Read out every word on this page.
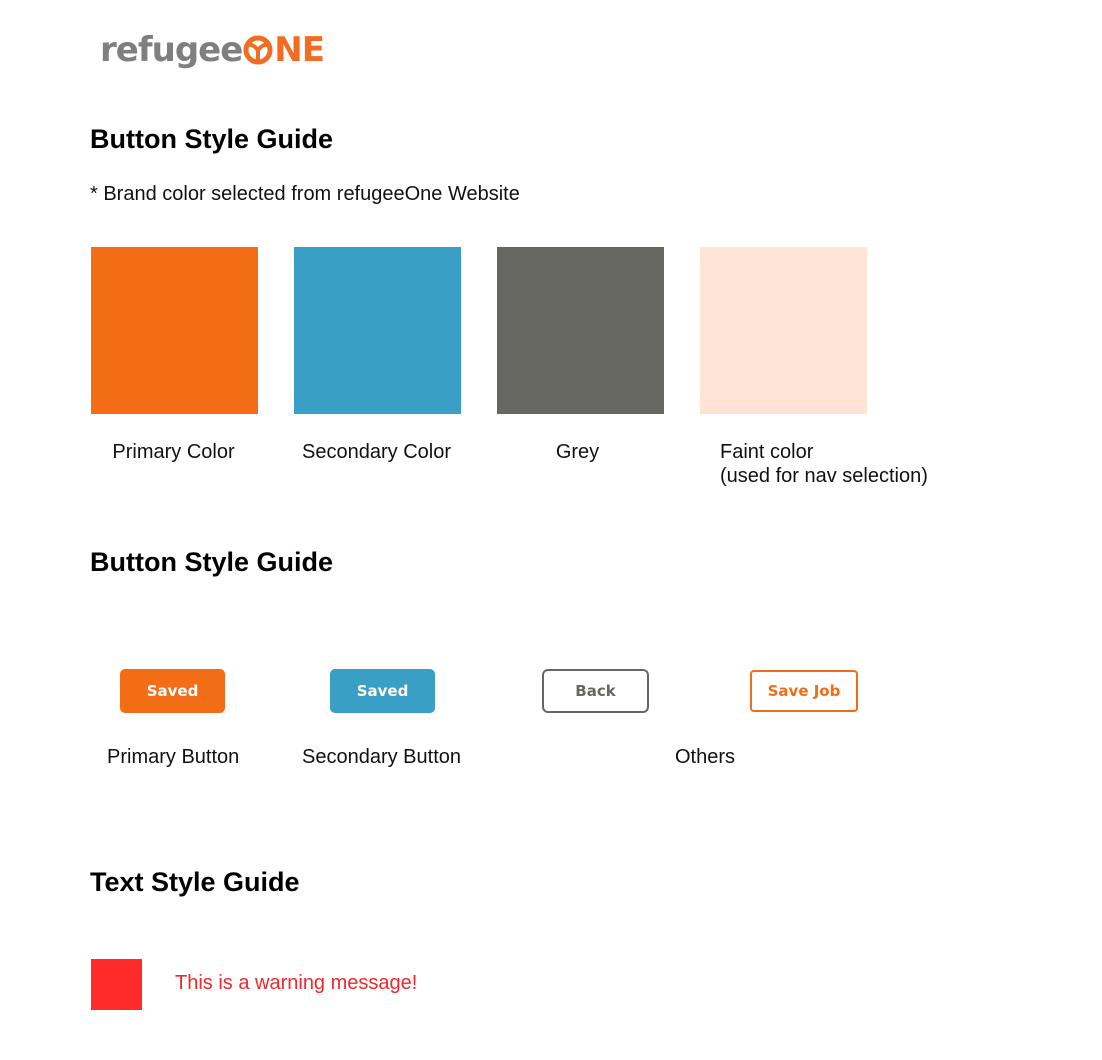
refugee NE
Button Style Guide
* Brand color selected from refugeeOne Website
Primary Color	Secondary Color	Grey	Faint color
(used for nav selection)
Button Style Guide
Saved	Saved	Back	Save Job
Primary Button	Secondary Button	Others
Text Style Guide
This is a warning message!
